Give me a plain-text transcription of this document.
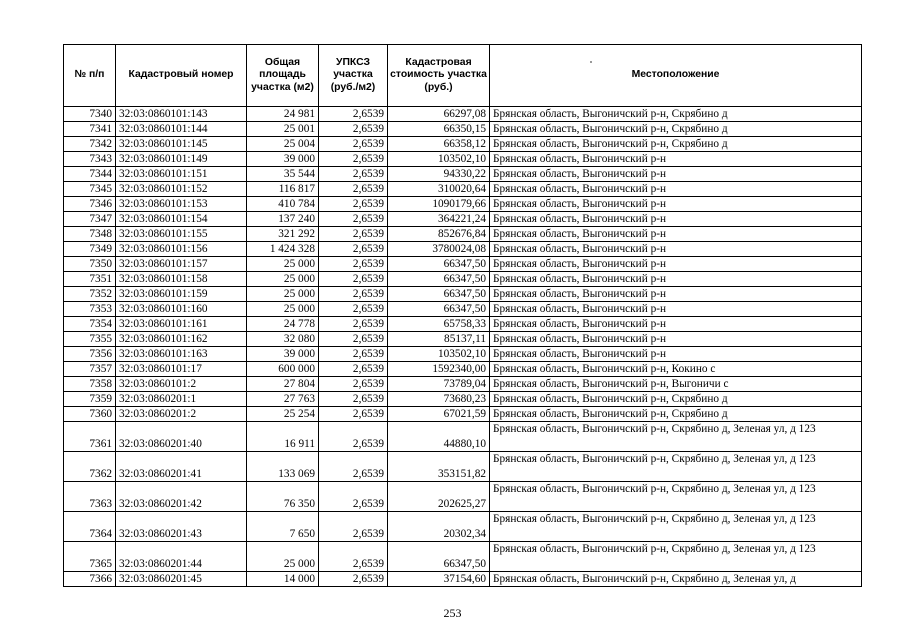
№ п/п	Кадастровый номер	Общая площадь участка (м2)	УПКСЗ участка (руб./м2)	Кадастровая стоимость участка (руб.)	Местоположение
7340	32:03:0860101:143	24 981	2,6539	66297,08	Брянская область, Выгоничский р-н, Скрябино д
7341	32:03:0860101:144	25 001	2,6539	66350,15	Брянская область, Выгоничский р-н, Скрябино д
7342	32:03:0860101:145	25 004	2,6539	66358,12	Брянская область, Выгоничский р-н, Скрябино д
7343	32:03:0860101:149	39 000	2,6539	103502,10	Брянская область, Выгоничский р-н
7344	32:03:0860101:151	35 544	2,6539	94330,22	Брянская область, Выгоничский р-н
7345	32:03:0860101:152	116 817	2,6539	310020,64	Брянская область, Выгоничский р-н
7346	32:03:0860101:153	410 784	2,6539	1090179,66	Брянская область, Выгоничский р-н
7347	32:03:0860101:154	137 240	2,6539	364221,24	Брянская область, Выгоничский р-н
7348	32:03:0860101:155	321 292	2,6539	852676,84	Брянская область, Выгоничский р-н
7349	32:03:0860101:156	1 424 328	2,6539	3780024,08	Брянская область, Выгоничский р-н
7350	32:03:0860101:157	25 000	2,6539	66347,50	Брянская область, Выгоничский р-н
7351	32:03:0860101:158	25 000	2,6539	66347,50	Брянская область, Выгоничский р-н
7352	32:03:0860101:159	25 000	2,6539	66347,50	Брянская область, Выгоничский р-н
7353	32:03:0860101:160	25 000	2,6539	66347,50	Брянская область, Выгоничский р-н
7354	32:03:0860101:161	24 778	2,6539	65758,33	Брянская область, Выгоничский р-н
7355	32:03:0860101:162	32 080	2,6539	85137,11	Брянская область, Выгоничский р-н
7356	32:03:0860101:163	39 000	2,6539	103502,10	Брянская область, Выгоничский р-н
7357	32:03:0860101:17	600 000	2,6539	1592340,00	Брянская область, Выгоничский р-н, Кокино с
7358	32:03:0860101:2	27 804	2,6539	73789,04	Брянская область, Выгоничский р-н, Выгоничи с
7359	32:03:0860201:1	27 763	2,6539	73680,23	Брянская область, Выгоничский р-н, Скрябино д
7360	32:03:0860201:2	25 254	2,6539	67021,59	Брянская область, Выгоничский р-н, Скрябино д
7361	32:03:0860201:40	16 911	2,6539	44880,10	Брянская область, Выгоничский р-н, Скрябино д, Зеленая ул, д 123
7362	32:03:0860201:41	133 069	2,6539	353151,82	Брянская область, Выгоничский р-н, Скрябино д, Зеленая ул, д 123
7363	32:03:0860201:42	76 350	2,6539	202625,27	Брянская область, Выгоничский р-н, Скрябино д, Зеленая ул, д 123
7364	32:03:0860201:43	7 650	2,6539	20302,34	Брянская область, Выгоничский р-н, Скрябино д, Зеленая ул, д 123
7365	32:03:0860201:44	25 000	2,6539	66347,50	Брянская область, Выгоничский р-н, Скрябино д, Зеленая ул, д 123
7366	32:03:0860201:45	14 000	2,6539	37154,60	Брянская область, Выгоничский р-н, Скрябино д, Зеленая ул, д
253
